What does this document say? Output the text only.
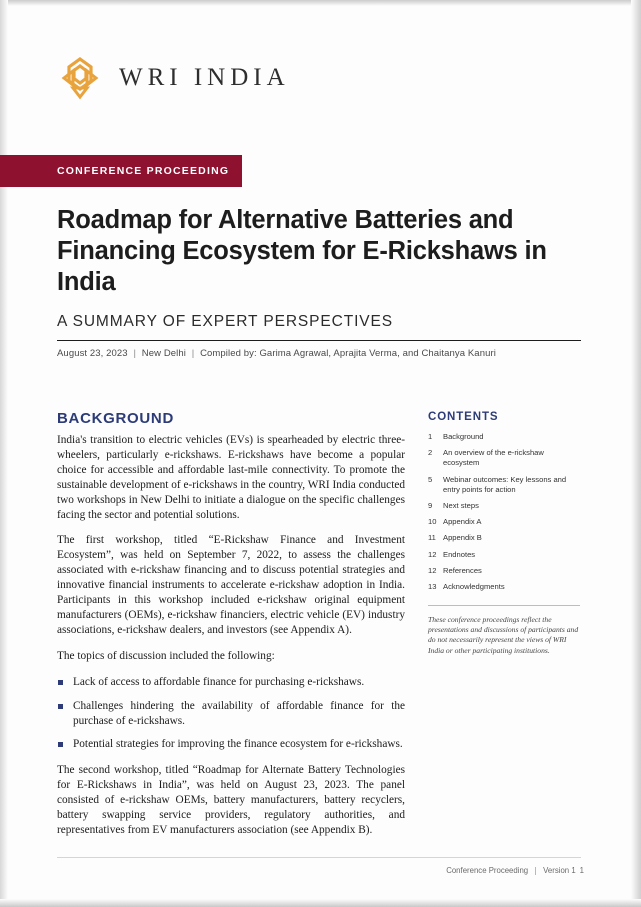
WRI INDIA
CONFERENCE PROCEEDING
Roadmap for Alternative Batteries and Financing Ecosystem for E-Rickshaws in India
A SUMMARY OF EXPERT PERSPECTIVES
August 23, 2023 | New Delhi | Compiled by: Garima Agrawal, Aprajita Verma, and Chaitanya Kanuri
BACKGROUND

India's transition to electric vehicles (EVs) is spearheaded by electric three-wheelers, particularly e-rickshaws. E-rickshaws have become a popular choice for accessible and affordable last-mile connectivity. To promote the sustainable development of e-rickshaws in the country, WRI India conducted two workshops in New Delhi to initiate a dialogue on the specific challenges facing the sector and potential solutions.

The first workshop, titled “E-Rickshaw Finance and Investment Ecosystem”, was held on September 7, 2022, to assess the challenges associated with e-rickshaw financing and to discuss potential strategies and innovative financial instruments to accelerate e-rickshaw adoption in India. Participants in this workshop included e-rickshaw original equipment manufacturers (OEMs), e-rickshaw financiers, electric vehicle (EV) industry associations, e-rickshaw dealers, and investors (see Appendix A).

The topics of discussion included the following:

Lack of access to affordable finance for purchasing e-rickshaws.
Challenges hindering the availability of affordable finance for the purchase of e-rickshaws.
Potential strategies for improving the finance ecosystem for e-rickshaws.

The second workshop, titled “Roadmap for Alternate Battery Technologies for E-Rickshaws in India”, was held on August 23, 2023. The panel consisted of e-rickshaw OEMs, battery manufacturers, battery recyclers, battery swapping service providers, regulatory authorities, and representatives from EV manufacturers association (see Appendix B).

CONTENTS
1	Background
2	An overview of the e-rickshaw ecosystem
5	Webinar outcomes: Key lessons and entry points for action
9	Next steps
10 Appendix A
11 Appendix B
12 Endnotes
12 References
13 Acknowledgments
These conference proceedings reflect the presentations and discussions of participants and do not necessarily represent the views of WRI India or other participating institutions.
Conference Proceeding Version 1 1
